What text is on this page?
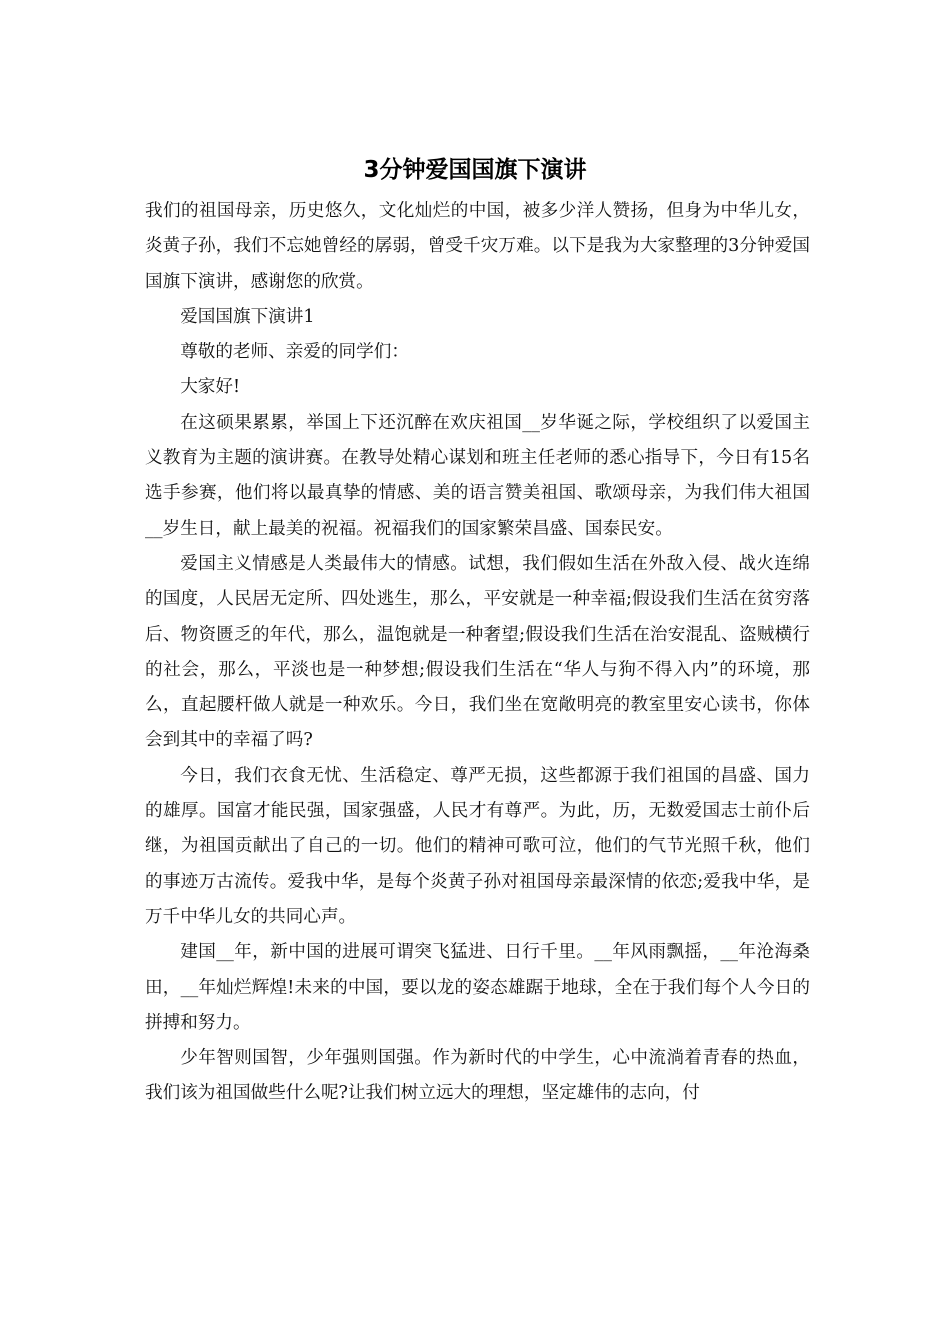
3分钟爱国国旗下演讲

我们的祖国母亲，历史悠久，文化灿烂的中国，被多少洋人赞扬，但身为中华儿女，炎黄子孙，我们不忘她曾经的孱弱，曾受千灾万难。以下是我为大家整理的3分钟爱国国旗下演讲，感谢您的欣赏。

爱国国旗下演讲1

尊敬的老师、亲爱的同学们：

大家好!

在这硕果累累，举国上下还沉醉在欢庆祖国__岁华诞之际，学校组织了以爱国主义教育为主题的演讲赛。在教导处精心谋划和班主任老师的悉心指导下，今日有15名选手参赛，他们将以最真挚的情感、美的语言赞美祖国、歌颂母亲，为我们伟大祖国__岁生日，献上最美的祝福。祝福我们的国家繁荣昌盛、国泰民安。

爱国主义情感是人类最伟大的情感。试想，我们假如生活在外敌入侵、战火连绵的国度，人民居无定所、四处逃生，那么，平安就是一种幸福;假设我们生活在贫穷落后、物资匮乏的年代，那么，温饱就是一种奢望;假设我们生活在治安混乱、盗贼横行的社会，那么，平淡也是一种梦想;假设我们生活在“华人与狗不得入内”的环境，那么，直起腰杆做人就是一种欢乐。今日，我们坐在宽敞明亮的教室里安心读书，你体会到其中的幸福了吗?

今日，我们衣食无忧、生活稳定、尊严无损，这些都源于我们祖国的昌盛、国力的雄厚。国富才能民强，国家强盛，人民才有尊严。为此，历，无数爱国志士前仆后继，为祖国贡献出了自己的一切。他们的精神可歌可泣，他们的气节光照千秋，他们的事迹万古流传。爱我中华，是每个炎黄子孙对祖国母亲最深情的依恋;爱我中华，是万千中华儿女的共同心声。

建国__年，新中国的进展可谓突飞猛进、日行千里。__年风雨飘摇，__年沧海桑田，__年灿烂辉煌!未来的中国，要以龙的姿态雄踞于地球，全在于我们每个人今日的拼搏和努力。

少年智则国智，少年强则国强。作为新时代的中学生，心中流淌着青春的热血，我们该为祖国做些什么呢?让我们树立远大的理想，坚定雄伟的志向，付
